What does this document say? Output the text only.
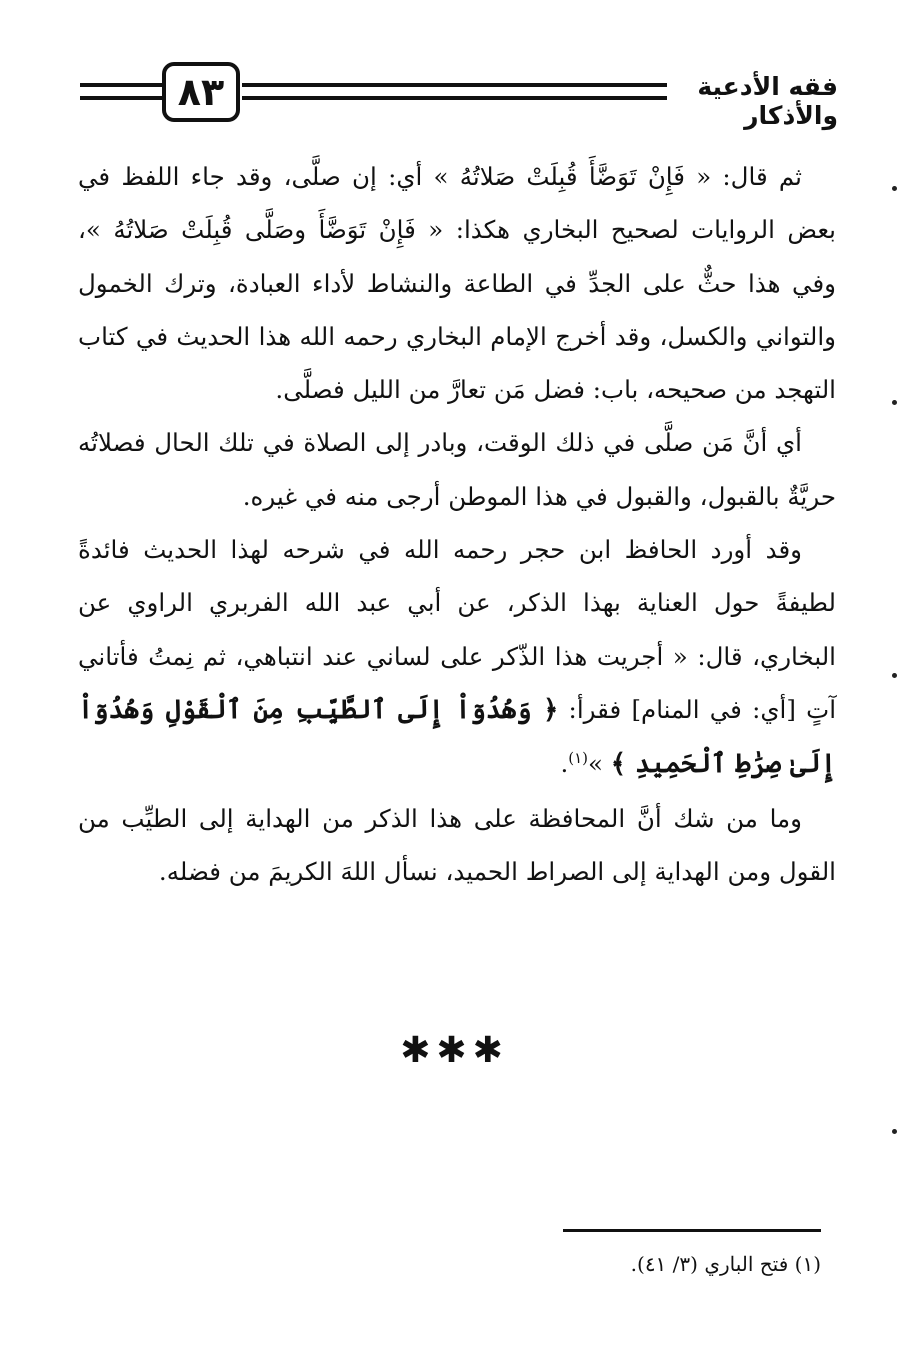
٨٣	فقه الأدعية والأذكار

ثم قال: « فَإِنْ تَوَضَّأَ قُبِلَتْ صَلاتُهُ » أي: إن صلَّى، وقد جاء اللفظ في بعض الروايات لصحيح البخاري هكذا: « فَإِنْ تَوَضَّأَ وصَلَّى قُبِلَتْ صَلاتُهُ »، وفي هذا حثٌّ على الجدِّ في الطاعة والنشاط لأداء العبادة، وترك الخمول والتواني والكسل، وقد أخرج الإمام البخاري رحمه الله هذا الحديث في كتاب التهجد من صحيحه، باب: فضل مَن تعارَّ من الليل فصلَّى.

أي أنَّ مَن صلَّى في ذلك الوقت، وبادر إلى الصلاة في تلك الحال فصلاتُه حريَّةٌ بالقبول، والقبول في هذا الموطن أرجى منه في غيره.

وقد أورد الحافظ ابن حجر رحمه الله في شرحه لهذا الحديث فائدةً لطيفةً حول العناية بهذا الذكر، عن أبي عبد الله الفربري الراوي عن البخاري، قال: « أجريت هذا الذّكر على لساني عند انتباهي، ثم نِمتُ فأتاني آتٍ [أي: في المنام] فقرأ: ﴿ وَهُدُوٓاْ إِلَى ٱلطَّيِّبِ مِنَ ٱلْقَوْلِ وَهُدُوٓاْ إِلَىٰ صِرَٰطِ ٱلْحَمِيدِ ﴾ »$^{(١)}$.

وما من شك أنَّ المحافظة على هذا الذكر من الهداية إلى الطيِّب من القول ومن الهداية إلى الصراط الحميد، نسأل اللهَ الكريمَ من فضله.

✱✱✱
(١) فتح الباري (٣/ ٤١).
